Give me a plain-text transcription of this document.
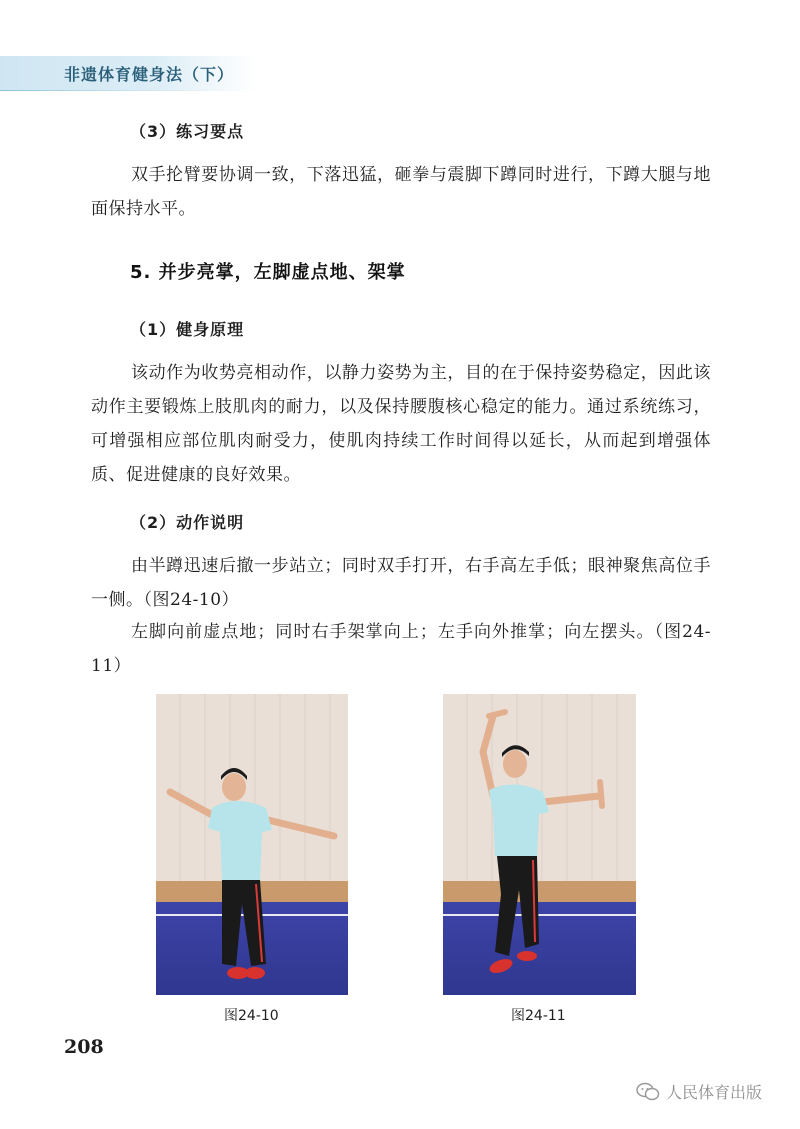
非遗体育健身法（下）
（3）练习要点

双手抡臂要协调一致，下落迅猛，砸拳与震脚下蹲同时进行，下蹲大腿与地面保持水平。

5. 并步亮掌，左脚虚点地、架掌
（1）健身原理

该动作为收势亮相动作，以静力姿势为主，目的在于保持姿势稳定，因此该动作主要锻炼上肢肌肉的耐力，以及保持腰腹核心稳定的能力。通过系统练习，可增强相应部位肌肉耐受力，使肌肉持续工作时间得以延长，从而起到增强体质、促进健康的良好效果。

（2）动作说明

由半蹲迅速后撤一步站立；同时双手打开，右手高左手低；眼神聚焦高位手一侧。（图24-10）

左脚向前虚点地；同时右手架掌向上；左手向外推掌；向左摆头。（图24-11）

图24-10	图24-11
208
人民体育出版
